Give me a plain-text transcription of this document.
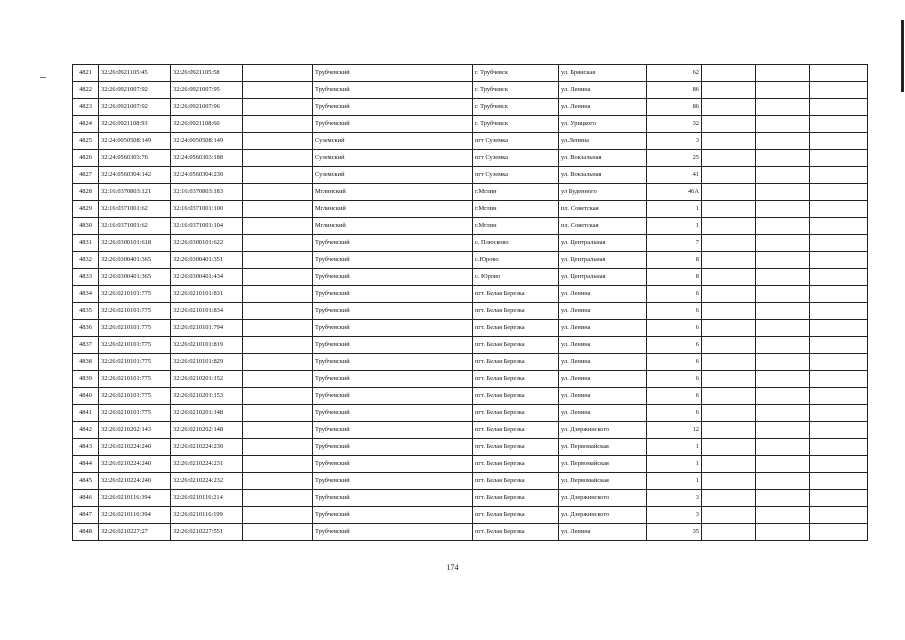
4821	32:26:0921105:45	32:26:0921105:58		Трубчевский	г. Трубчевск	ул. Брянская	62			
4822	32:26:0921007:92	32:26:0921007:95		Трубчевский	г. Трубчевск	ул. Ленина	86			
4823	32:26:0921007:92	32:26:0921007:96		Трубчевский	г. Трубчевск	ул. Ленина	86			
4824	32:26:0921108:93	32:26:0921108:60		Трубчевский	г. Трубчевск	ул. Урицкого	32			
4825	32:24:0050508:149	32:24:0050508:149		Суземский	пгт Суземка	ул.Ленина	3			
4826	32:24:0560303:76	32:24:0560303:188		Суземский	пгт Суземка	ул. Вокзальная	25			
4827	32:24:0560304:142	32:24:0560304:230		Суземский	пгт Суземка	ул. Вокзальная	41			
4828	32:16:0370803:121	32:16:0370803:183		Мглинский	г.Мглин	ул Буденного	46А			
4829	32:16:0371001:62	32:16:0371001:100		Мглинский	г.Мглин	пл. Советская	1			
4830	32:16:0371001:62	32:16:0371001:104		Мглинский	г.Мглин	пл. Советская	1			
4831	32:26:0300101:618	32:26:0300101:622		Трубчевский	с. Плюсково	ул. Центральная	7			
4832	32:26:0300401:365	32:26:0300401:351		Трубчевский	с.Юрово	ул. Центральная	8			
4833	32:26:0300401:365	32:26:0300401:434		Трубчевский	с. Юрово	ул. Центральная	8			
4834	32:26:0210101:775	32:26:0210101:831		Трубчевский	пгт. Белая Березка	ул. Ленина	6			
4835	32:26:0210101:775	32:26:0210101:834		Трубчевский	пгт. Белая Березка	ул. Ленина	6			
4836	32:26:0210101:775	32:26:0210101:794		Трубчевский	пгт. Белая Березка	ул. Ленина	6			
4837	32:26:0210101:775	32:26:0210101:819		Трубчевский	пгт. Белая Березка	ул. Ленина	6			
4838	32:26:0210101:775	32:26:0210101:829		Трубчевский	пгт. Белая Березка	ул. Ленина	6			
4839	32:26:0210101:775	32:26:0210201:152		Трубчевский	пгт. Белая Березка	ул. Ленина	6			
4840	32:26:0210101:775	32:26:0210201:153		Трубчевский	пгт. Белая Березка	ул. Ленина	6			
4841	32:26:0210101:775	32:26:0210201:148		Трубчевский	пгт. Белая Березка	ул. Ленина	6			
4842	32:26:0210202:143	32:26:0210202:148		Трубчевский	пгт. Белая Березка	ул. Дзержинского	12			
4843	32:26:0210224:240	32:26:0210224:230		Трубчевский	пгт. Белая Березка	ул. Первомайская	1			
4844	32:26:0210224:240	32:26:0210224:231		Трубчевский	пгт. Белая Березка	ул. Первомайская	1			
4845	32:26:0210224:240	32:26:0210224:232		Трубчевский	пгт. Белая Березка	ул. Первомайская	1			
4846	32:26:0210116:394	32:26:0210116:214		Трубчевский	пгт. Белая Березка	ул. Дзержинского	3			
4847	32:26:0210116:394	32:26:0210116:199		Трубчевский	пгт. Белая Березка	ул. Дзержинского	3			
4848	32:26:0210227:27	32:26:0210227:551		Трубчевский	пгт. Белая Березка	ул. Ленина	35			
174
